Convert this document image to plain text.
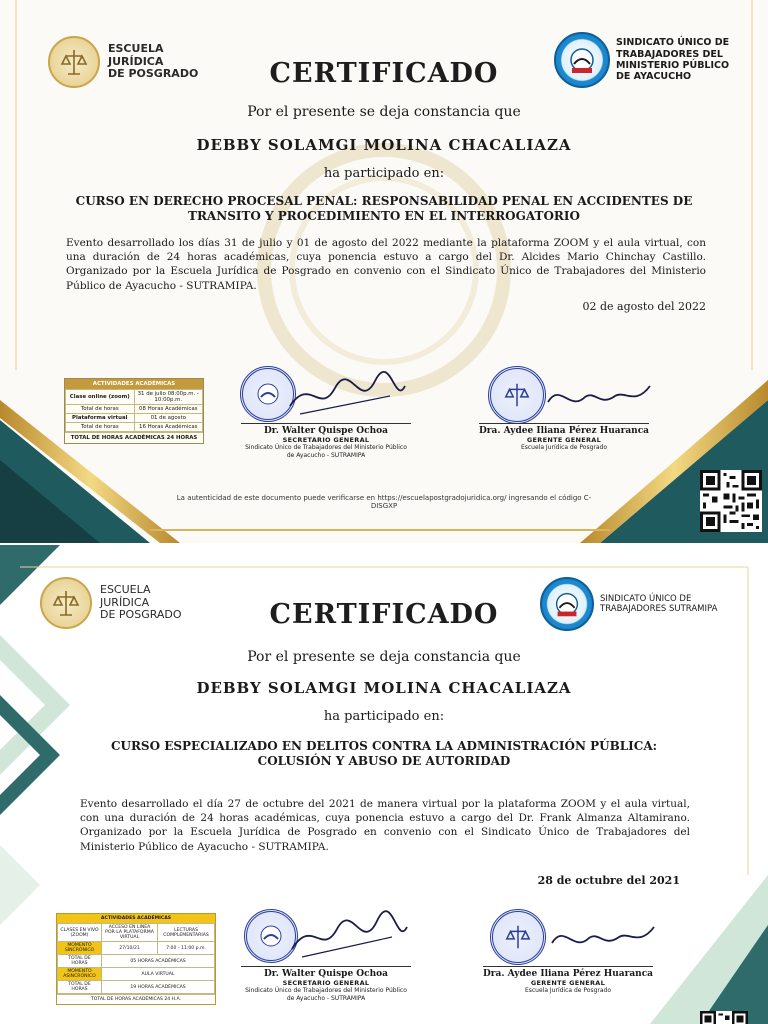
ESCUELA
JURÍDICA
DE POSGRADO
SINDICATO ÚNICO DE
TRABAJADORES DEL
MINISTERIO PÚBLICO
DE AYACUCHO
CERTIFICADO
Por el presente se deja constancia que
DEBBY SOLAMGI MOLINA CHACALIAZA
ha participado en:
CURSO EN DERECHO PROCESAL PENAL: RESPONSABILIDAD PENAL EN ACCIDENTES DE
TRANSITO Y PROCEDIMIENTO EN EL INTERROGATORIO
Evento desarrollado los días 31 de julio y 01 de agosto del 2022 mediante la plataforma ZOOM y el aula virtual, con una duración de 24 horas académicas, cuya ponencia estuvo a cargo del Dr. Alcides Mario Chinchay Castillo. Organizado por la Escuela Jurídica de Posgrado en convenio con el Sindicato Único de Trabajadores del Ministerio Público de Ayacucho - SUTRAMIPA.
02 de agosto del 2022
ACTIVIDADES ACADÉMICAS
Clase online (zoom)	31 de julio 08:00p.m. - 10:00p.m.
Total de horas	08 Horas Académicas
Plataforma virtual	01 de agosto
Total de horas	16 Horas Académicas
TOTAL DE HORAS ACADÉMICAS 24 HORAS
Dr. Walter Quispe Ochoa
SECRETARIO GENERAL
Sindicato Único de Trabajadores del Ministerio Público
de Ayacucho - SUTRAMIPA
Dra. Aydee Iliana Pérez Huaranca
GERENTE GENERAL
Escuela Jurídica de Posgrado
La autenticidad de este documento puede verificarse en https://escuelapostgradojuridica.org/ ingresando el código C-DISGXP
ESCUELA
JURÍDICA
DE POSGRADO
SINDICATO ÚNICO DE
TRABAJADORES SUTRAMIPA
CERTIFICADO
Por el presente se deja constancia que
DEBBY SOLAMGI MOLINA CHACALIAZA
ha participado en:
CURSO ESPECIALIZADO EN DELITOS CONTRA LA ADMINISTRACIÓN PÚBLICA:
COLUSIÓN Y ABUSO DE AUTORIDAD
Evento desarrollado el día 27 de octubre del 2021 de manera virtual por la plataforma ZOOM y el aula virtual, con una duración de 24 horas académicas, cuya ponencia estuvo a cargo del Dr. Frank Almanza Altamirano. Organizado por la Escuela Jurídica de Posgrado en convenio con el Sindicato Único de Trabajadores del Ministerio Público de Ayacucho - SUTRAMIPA.
28 de octubre del 2021
ACTIVIDADES ACADÉMICAS
CLASES EN VIVO (ZOOM)	ACCESO EN LINEA POR LA PLATAFORMA VIRTUAL	LECTURAS COMPLEMENTARIAS
MOMENTO SINCRÓNICO	27/10/21	7:00 - 11:00 p.m.
TOTAL DE HORAS	05 HORAS ACADÉMICAS	
MOMENTO ASINCRÓNICO	AULA VIRTUAL	
TOTAL DE HORAS	19 HORAS ACADÉMICAS	
TOTAL DE HORAS ACADÉMICAS 24 H.A.
Dr. Walter Quispe Ochoa
SECRETARIO GENERAL
Sindicato Único de Trabajadores del Ministerio Público
de Ayacucho - SUTRAMIPA
Dra. Aydee Iliana Pérez Huaranca
GERENTE GENERAL
Escuela Jurídica de Posgrado
